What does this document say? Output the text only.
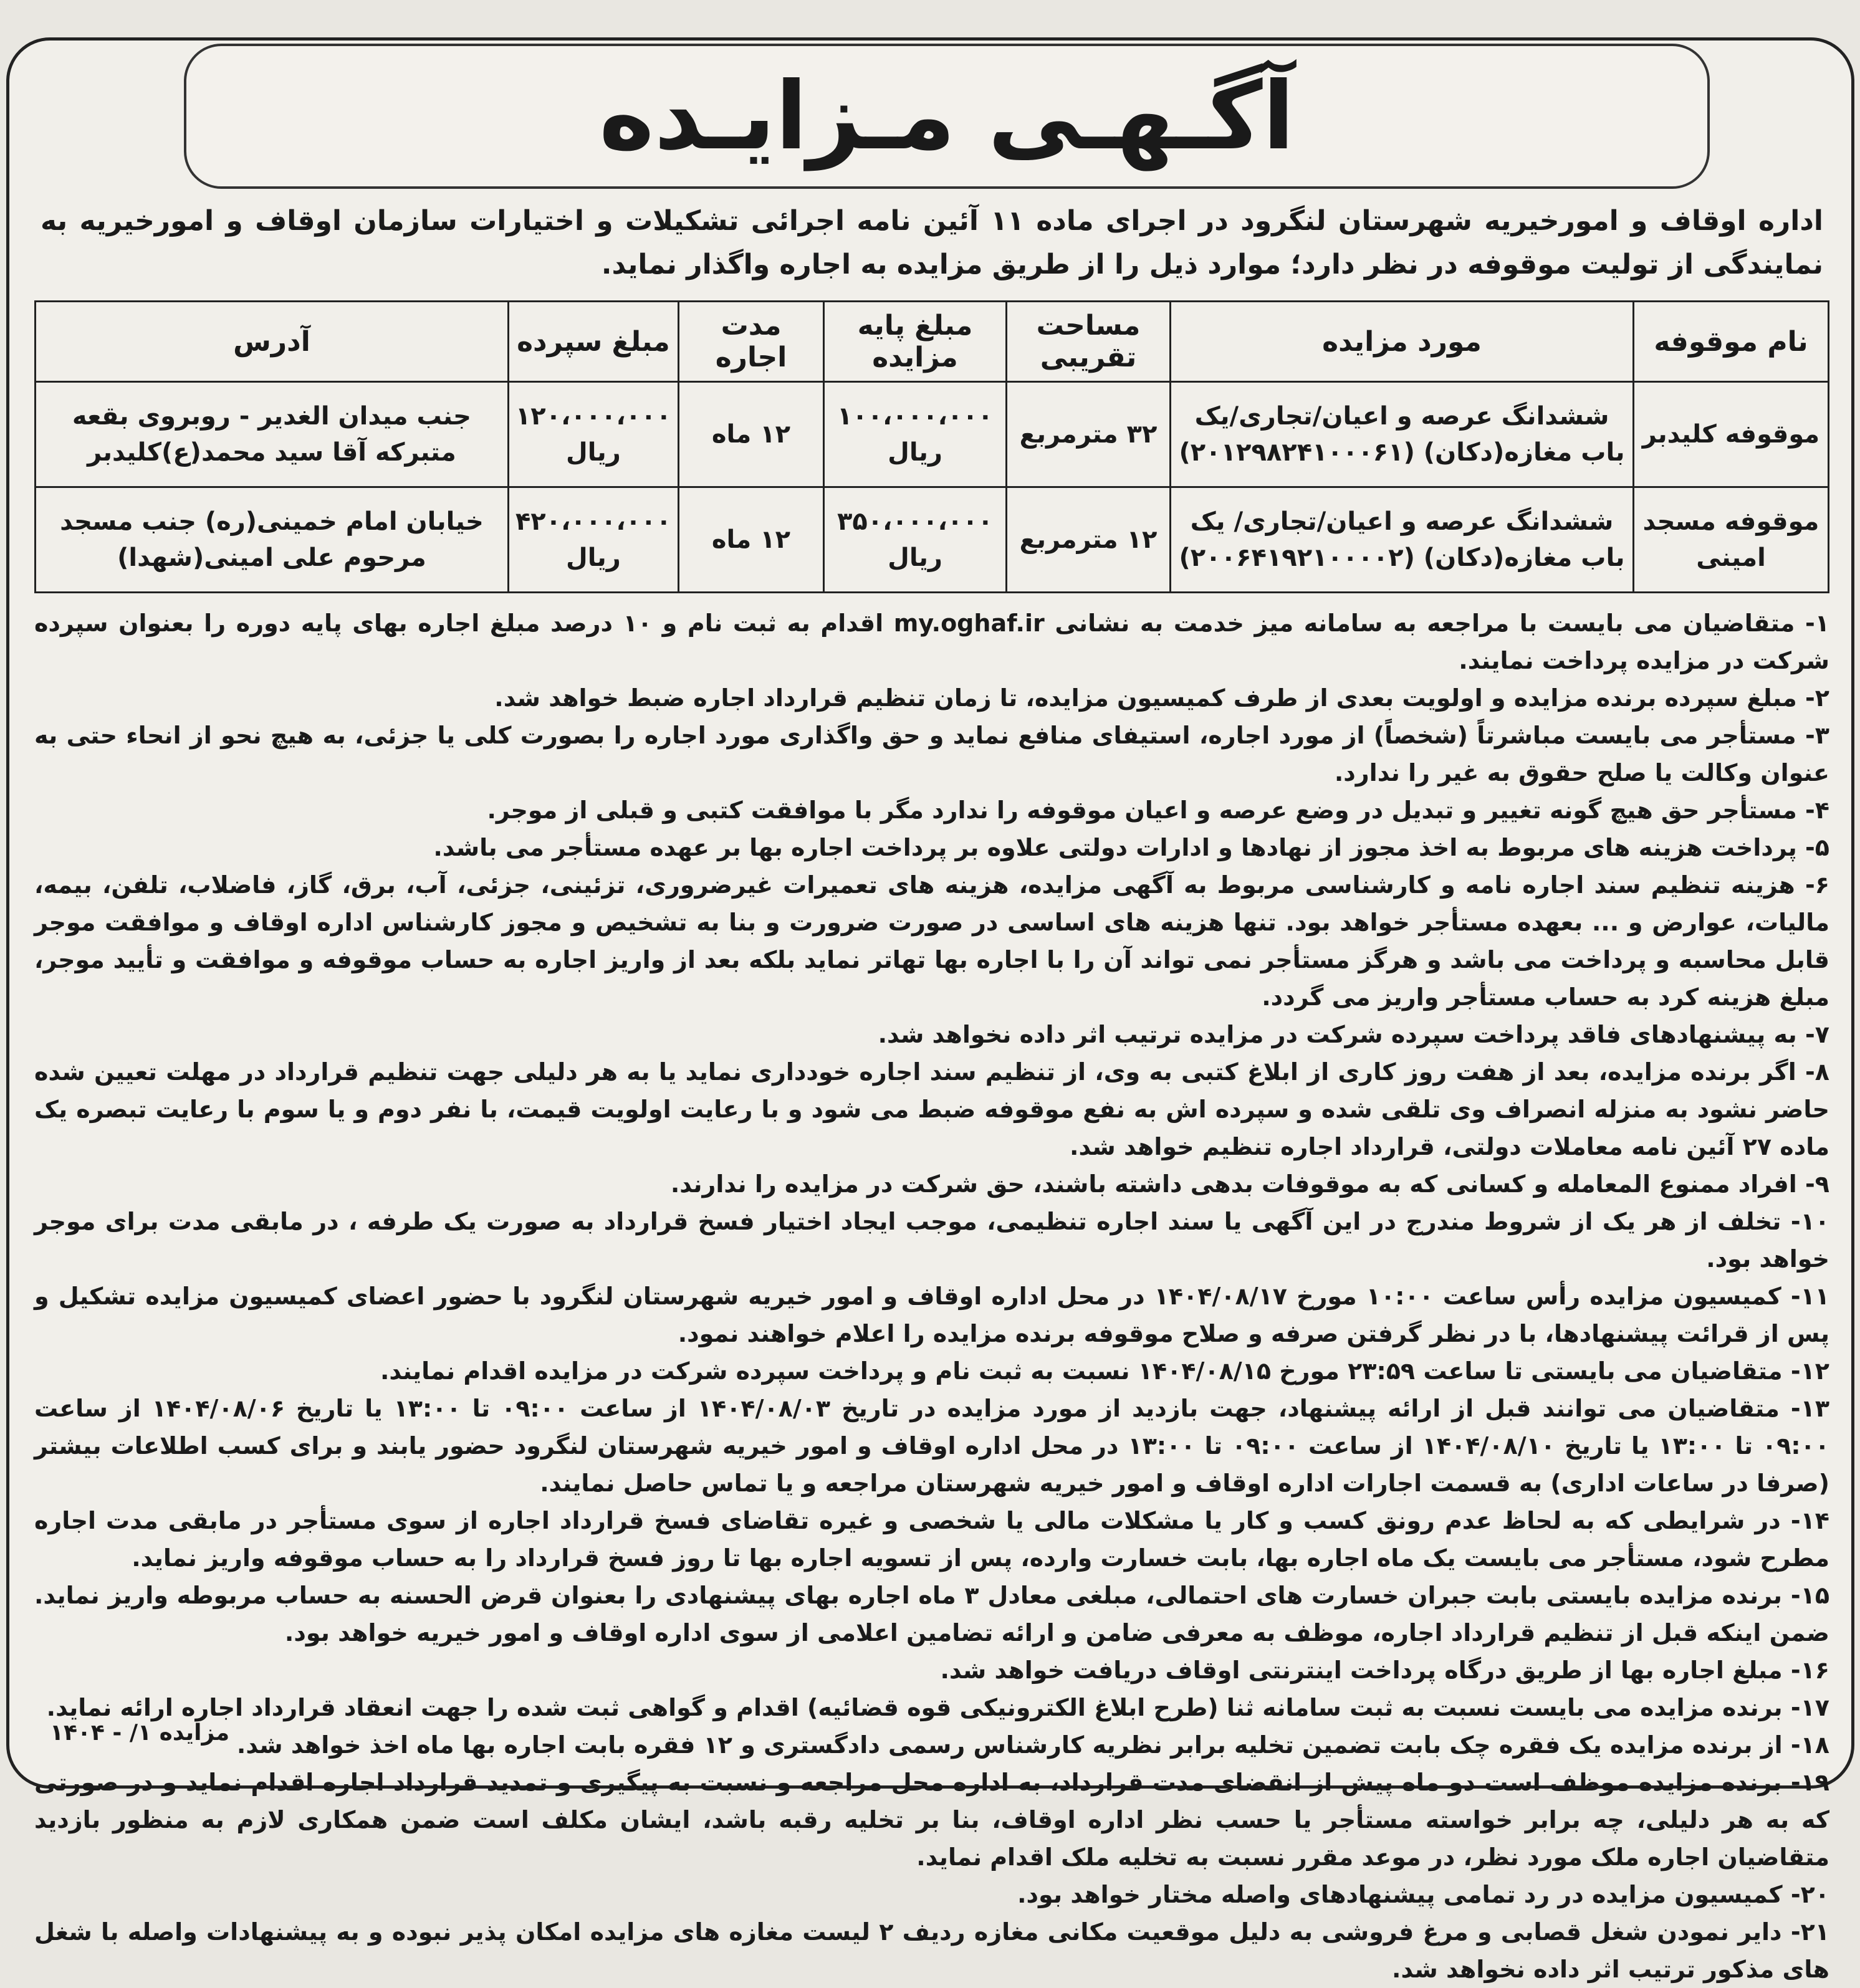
آگـهـی مـزایـده
اداره اوقاف و امورخیریه شهرستان لنگرود در اجرای ماده ۱۱ آئین نامه اجرائی تشکیلات و اختیارات سازمان اوقاف و امورخیریه به نمایندگی از تولیت موقوفه در نظر دارد؛ موارد ذیل را از طریق مزایده به اجاره واگذار نماید.
نام موقوفه	مورد مزایده	مساحت تقریبی	مبلغ پایه مزایده	مدت اجاره	مبلغ سپرده	آدرس
موقوفه کلیدبر	ششدانگ عرصه و اعیان/تجاری/یک باب مغازه(دکان) (۲۰۱۲۹۸۲۴۱۰۰۰۶۱)	۳۲ مترمربع	۱۰۰،۰۰۰،۰۰۰ ریال	۱۲ ماه	۱۲۰،۰۰۰،۰۰۰ ریال	جنب میدان الغدیر - روبروی بقعه متبرکه آقا سید محمد(ع)کلیدبر
موقوفه مسجد امینی	ششدانگ عرصه و اعیان/تجاری/ یک باب مغازه(دکان) (۲۰۰۶۴۱۹۲۱۰۰۰۰۲)	۱۲ مترمربع	۳۵۰،۰۰۰،۰۰۰ ریال	۱۲ ماه	۴۲۰،۰۰۰،۰۰۰ ریال	خیابان امام خمینی(ره) جنب مسجد مرحوم علی امینی(شهدا)

۱- متقاضیان می بایست با مراجعه به سامانه میز خدمت به نشانی my.oghaf.ir اقدام به ثبت نام و ۱۰ درصد مبلغ اجاره بهای پایه دوره را بعنوان سپرده شرکت در مزایده پرداخت نمایند.

۲- مبلغ سپرده برنده مزایده و اولویت بعدی از طرف کمیسیون مزایده، تا زمان تنظیم قرارداد اجاره ضبط خواهد شد.

۳- مستأجر می بایست مباشرتاً (شخصاً) از مورد اجاره، استیفای منافع نماید و حق واگذاری مورد اجاره را بصورت کلی یا جزئی، به هیچ نحو از انحاء حتی به عنوان وکالت یا صلح حقوق به غیر را ندارد.

۴- مستأجر حق هیچ گونه تغییر و تبدیل در وضع عرصه و اعیان موقوفه را ندارد مگر با موافقت کتبی و قبلی از موجر.

۵- پرداخت هزینه های مربوط به اخذ مجوز از نهادها و ادارات دولتی علاوه بر پرداخت اجاره بها بر عهده مستأجر می باشد.

۶- هزینه تنظیم سند اجاره نامه و کارشناسی مربوط به آگهی مزایده، هزینه های تعمیرات غیرضروری، تزئینی، جزئی، آب، برق، گاز، فاضلاب، تلفن، بیمه، مالیات، عوارض و ... بعهده مستأجر خواهد بود. تنها هزینه های اساسی در صورت ضرورت و بنا به تشخیص و مجوز کارشناس اداره اوقاف و موافقت موجر قابل محاسبه و پرداخت می باشد و هرگز مستأجر نمی تواند آن را با اجاره بها تهاتر نماید بلکه بعد از واریز اجاره به حساب موقوفه و موافقت و تأیید موجر، مبلغ هزینه کرد به حساب مستأجر واریز می گردد.

۷- به پیشنهادهای فاقد پرداخت سپرده شرکت در مزایده ترتیب اثر داده نخواهد شد.

۸- اگر برنده مزایده، بعد از هفت روز کاری از ابلاغ کتبی به وی، از تنظیم سند اجاره خودداری نماید یا به هر دلیلی جهت تنظیم قرارداد در مهلت تعیین شده حاضر نشود به منزله انصراف وی تلقی شده و سپرده اش به نفع موقوفه ضبط می شود و با رعایت اولویت قیمت، با نفر دوم و یا سوم با رعایت تبصره یک ماده ۲۷ آئین نامه معاملات دولتی، قرارداد اجاره تنظیم خواهد شد.

۹- افراد ممنوع المعامله و کسانی که به موقوفات بدهی داشته باشند، حق شرکت در مزایده را ندارند.

۱۰- تخلف از هر یک از شروط مندرج در این آگهی یا سند اجاره تنظیمی، موجب ایجاد اختیار فسخ قرارداد به صورت یک طرفه ، در مابقی مدت برای موجر خواهد بود.

۱۱- کمیسیون مزایده رأس ساعت ۱۰:۰۰ مورخ ۱۴۰۴/۰۸/۱۷ در محل اداره اوقاف و امور خیریه شهرستان لنگرود با حضور اعضای کمیسیون مزایده تشکیل و پس از قرائت پیشنهادها، با در نظر گرفتن صرفه و صلاح موقوفه برنده مزایده را اعلام خواهند نمود.

۱۲- متقاضیان می بایستی تا ساعت ۲۳:۵۹ مورخ ۱۴۰۴/۰۸/۱۵ نسبت به ثبت نام و پرداخت سپرده شرکت در مزایده اقدام نمایند.

۱۳- متقاضیان می توانند قبل از ارائه پیشنهاد، جهت بازدید از مورد مزایده در تاریخ ۱۴۰۴/۰۸/۰۳ از ساعت ۰۹:۰۰ تا ۱۳:۰۰ یا تاریخ ۱۴۰۴/۰۸/۰۶ از ساعت ۰۹:۰۰ تا ۱۳:۰۰ یا تاریخ ۱۴۰۴/۰۸/۱۰ از ساعت ۰۹:۰۰ تا ۱۳:۰۰ در محل اداره اوقاف و امور خیریه شهرستان لنگرود حضور یابند و برای کسب اطلاعات بیشتر (صرفا در ساعات اداری) به قسمت اجارات اداره اوقاف و امور خیریه شهرستان مراجعه و یا تماس حاصل نمایند.

۱۴- در شرایطی که به لحاظ عدم رونق کسب و کار یا مشکلات مالی یا شخصی و غیره تقاضای فسخ قرارداد اجاره از سوی مستأجر در مابقی مدت اجاره مطرح شود، مستأجر می بایست یک ماه اجاره بها، بابت خسارت وارده، پس از تسویه اجاره بها تا روز فسخ قرارداد را به حساب موقوفه واریز نماید.

۱۵- برنده مزایده بایستی بابت جبران خسارت های احتمالی، مبلغی معادل ۳ ماه اجاره بهای پیشنهادی را بعنوان قرض الحسنه به حساب مربوطه واریز نماید. ضمن اینکه قبل از تنظیم قرارداد اجاره، موظف به معرفی ضامن و ارائه تضامین اعلامی از سوی اداره اوقاف و امور خیریه خواهد بود.

۱۶- مبلغ اجاره بها از طریق درگاه پرداخت اینترنتی اوقاف دریافت خواهد شد.

۱۷- برنده مزایده می بایست نسبت به ثبت سامانه ثنا (طرح ابلاغ الکترونیکی قوه قضائیه) اقدام و گواهی ثبت شده را جهت انعقاد قرارداد اجاره ارائه نماید.

۱۸- از برنده مزایده یک فقره چک بابت تضمین تخلیه برابر نظریه کارشناس رسمی دادگستری و ۱۲ فقره بابت اجاره بها ماه اخذ خواهد شد.

۱۹- برنده مزایده موظف است دو ماه پیش از انقضای مدت قرارداد، به اداره محل مراجعه و نسبت به پیگیری و تمدید قرارداد اجاره اقدام نماید و در صورتی که به هر دلیلی، چه برابر خواسته مستأجر یا حسب نظر اداره اوقاف، بنا بر تخلیه رقبه باشد، ایشان مکلف است ضمن همکاری لازم به منظور بازدید متقاضیان اجاره ملک مورد نظر، در موعد مقرر نسبت به تخلیه ملک اقدام نماید.

۲۰- کمیسیون مزایده در رد تمامی پیشنهادهای واصله مختار خواهد بود.

۲۱- دایر نمودن شغل قصابی و مرغ فروشی به دلیل موقعیت مکانی مغازه ردیف ۲ لیست مغازه های مزایده امکان پذیر نبوده و به پیشنهادات واصله با شغل های مذکور ترتیب اثر داده نخواهد شد.

مزایده ۱/ - ۱۴۰۴
